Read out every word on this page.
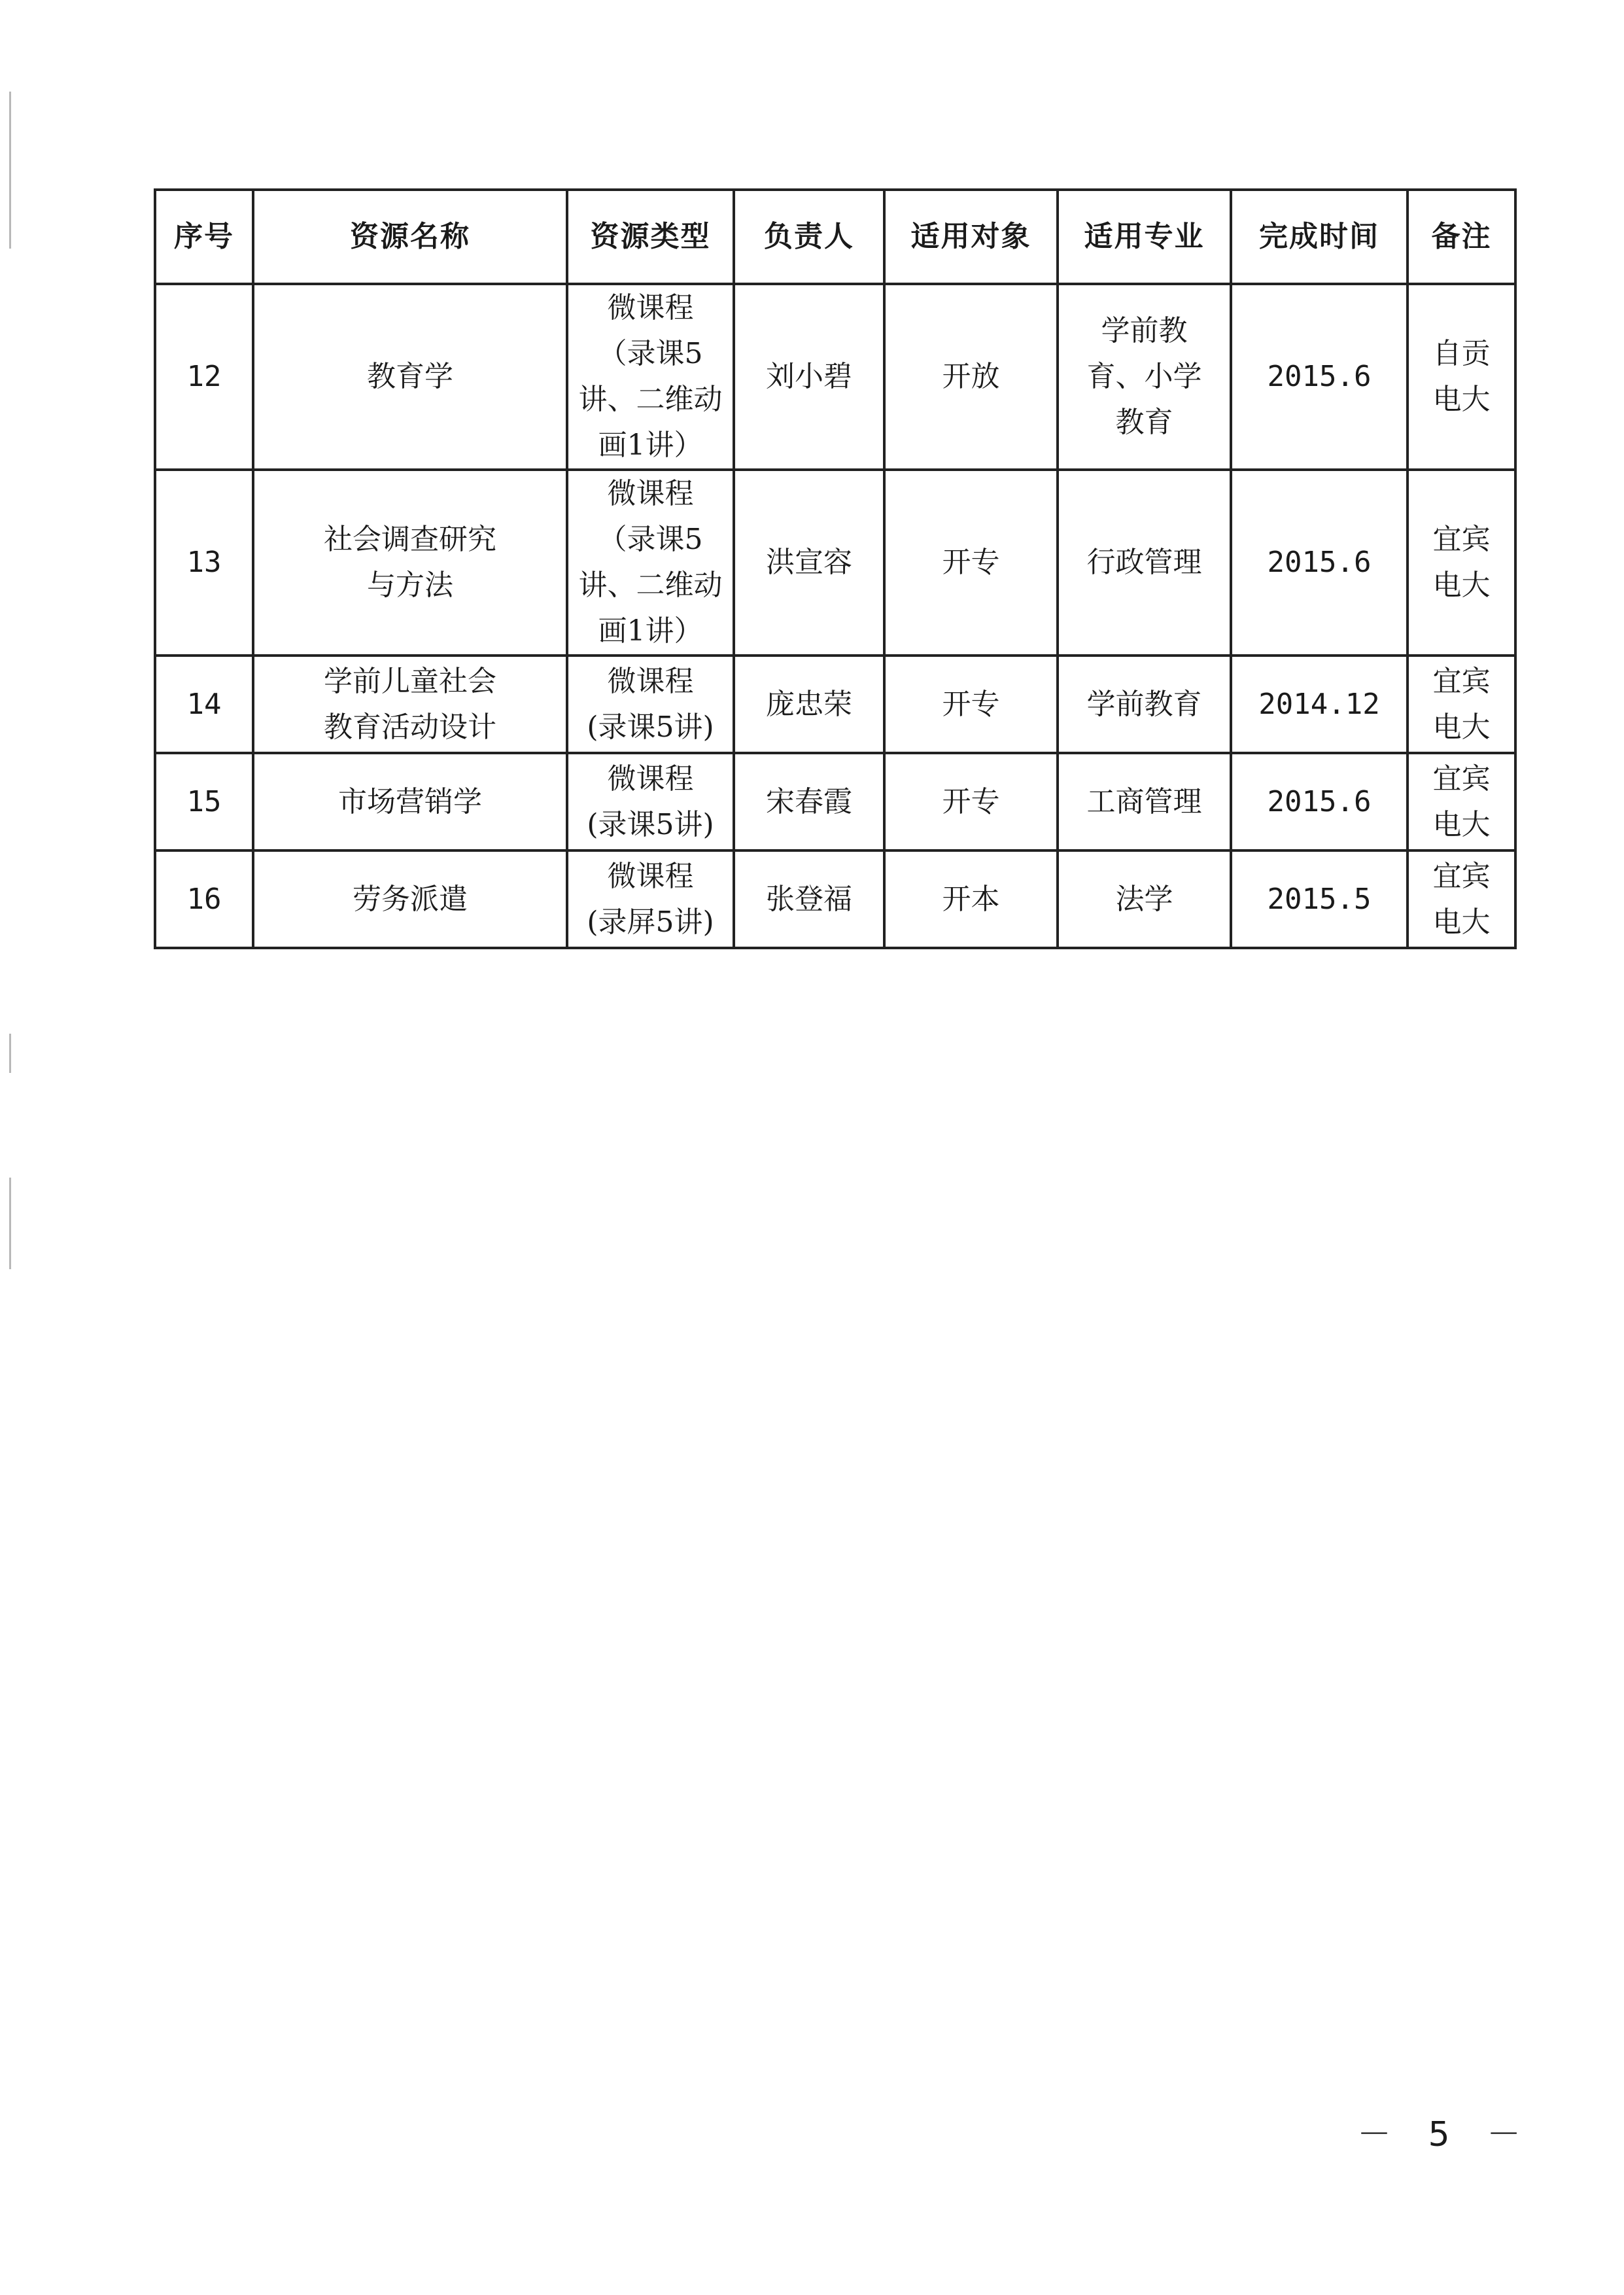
序号	资源名称	资源类型	负责人	适用对象	适用专业	完成时间	备注
12	教育学	微课程
（录课5
讲、二维动
画1讲）	刘小碧	开放	学前教
育、小学
教育	2015.6	自贡
电大
13	社会调查研究
与方法	微课程
（录课5
讲、二维动
画1讲）	洪宣容	开专	行政管理	2015.6	宜宾
电大
14	学前儿童社会
教育活动设计	微课程
(录课5讲)	庞忠荣	开专	学前教育	2014.12	宜宾
电大
15	市场营销学	微课程
(录课5讲)	宋春霞	开专	工商管理	2015.6	宜宾
电大
16	劳务派遣	微课程
(录屏5讲)	张登福	开本	法学	2015.5	宜宾
电大
－ 5 －
